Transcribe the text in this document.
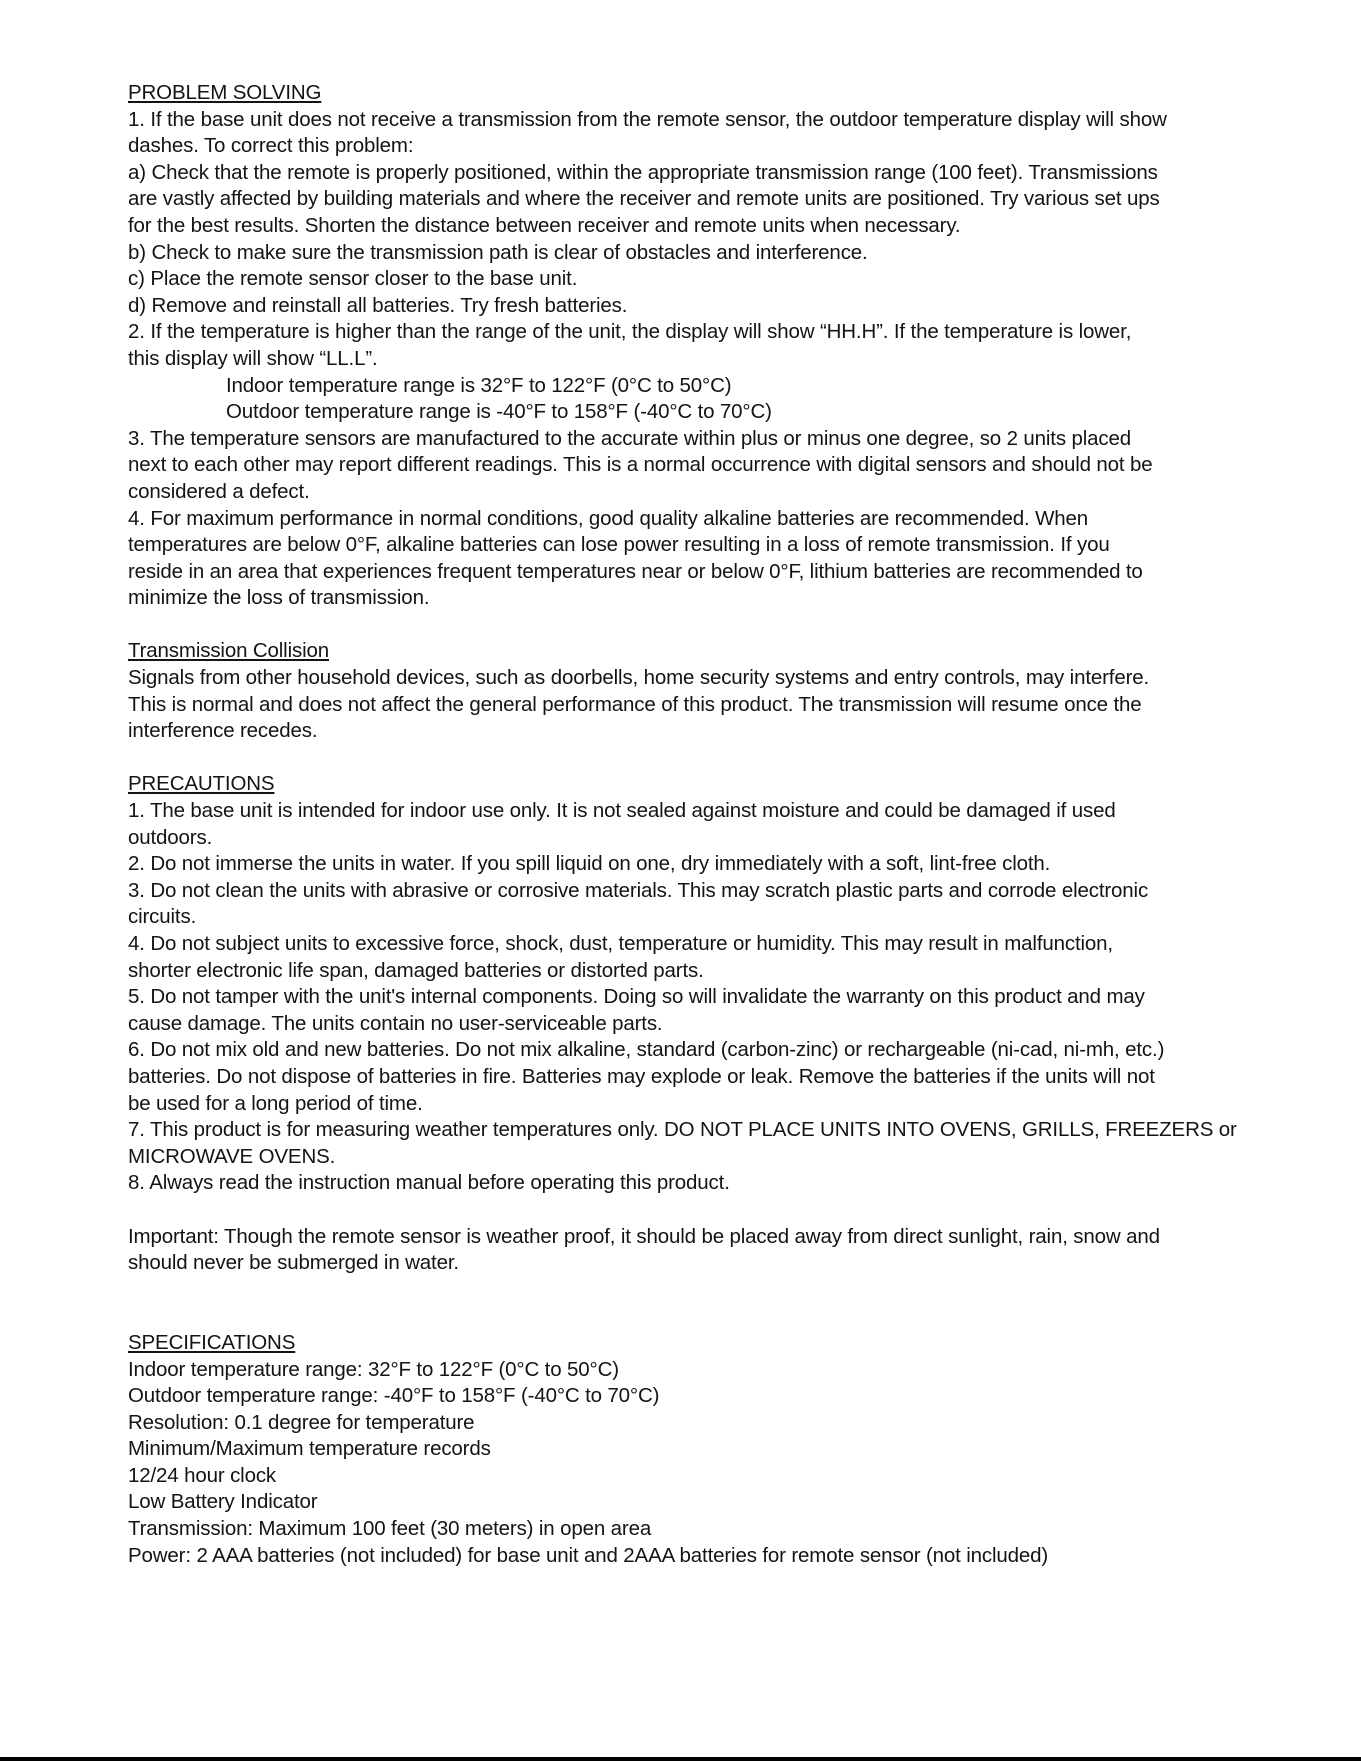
PROBLEM SOLVING
1. If the base unit does not receive a transmission from the remote sensor, the outdoor temperature display will show
dashes. To correct this problem:
a) Check that the remote is properly positioned, within the appropriate transmission range (100 feet). Transmissions
are vastly affected by building materials and where the receiver and remote units are positioned. Try various set ups
for the best results. Shorten the distance between receiver and remote units when necessary.
b) Check to make sure the transmission path is clear of obstacles and interference.
c) Place the remote sensor closer to the base unit.
d) Remove and reinstall all batteries. Try fresh batteries.
2. If the temperature is higher than the range of the unit, the display will show “HH.H”. If the temperature is lower,
this display will show “LL.L”.
Indoor temperature range is 32°F to 122°F (0°C to 50°C)
Outdoor temperature range is -40°F to 158°F (-40°C to 70°C)
3. The temperature sensors are manufactured to the accurate within plus or minus one degree, so 2 units placed
next to each other may report different readings. This is a normal occurrence with digital sensors and should not be
considered a defect.
4. For maximum performance in normal conditions, good quality alkaline batteries are recommended. When
temperatures are below 0°F, alkaline batteries can lose power resulting in a loss of remote transmission. If you
reside in an area that experiences frequent temperatures near or below 0°F, lithium batteries are recommended to
minimize the loss of transmission.
Transmission Collision
Signals from other household devices, such as doorbells, home security systems and entry controls, may interfere.
This is normal and does not affect the general performance of this product. The transmission will resume once the
interference recedes.
PRECAUTIONS
1. The base unit is intended for indoor use only. It is not sealed against moisture and could be damaged if used
outdoors.
2. Do not immerse the units in water. If you spill liquid on one, dry immediately with a soft, lint-free cloth.
3. Do not clean the units with abrasive or corrosive materials. This may scratch plastic parts and corrode electronic
circuits.
4. Do not subject units to excessive force, shock, dust, temperature or humidity. This may result in malfunction,
shorter electronic life span, damaged batteries or distorted parts.
5. Do not tamper with the unit's internal components. Doing so will invalidate the warranty on this product and may
cause damage. The units contain no user-serviceable parts.
6. Do not mix old and new batteries. Do not mix alkaline, standard (carbon-zinc) or rechargeable (ni-cad, ni-mh, etc.)
batteries. Do not dispose of batteries in fire. Batteries may explode or leak. Remove the batteries if the units will not
be used for a long period of time.
7. This product is for measuring weather temperatures only. DO NOT PLACE UNITS INTO OVENS, GRILLS, FREEZERS or
MICROWAVE OVENS.
8. Always read the instruction manual before operating this product.
Important: Though the remote sensor is weather proof, it should be placed away from direct sunlight, rain, snow and
should never be submerged in water.
SPECIFICATIONS
Indoor temperature range: 32°F to 122°F (0°C to 50°C)
Outdoor temperature range: -40°F to 158°F (-40°C to 70°C)
Resolution: 0.1 degree for temperature
Minimum/Maximum temperature records
12/24 hour clock
Low Battery Indicator
Transmission: Maximum 100 feet (30 meters) in open area
Power: 2 AAA batteries (not included) for base unit and 2AAA batteries for remote sensor (not included)
